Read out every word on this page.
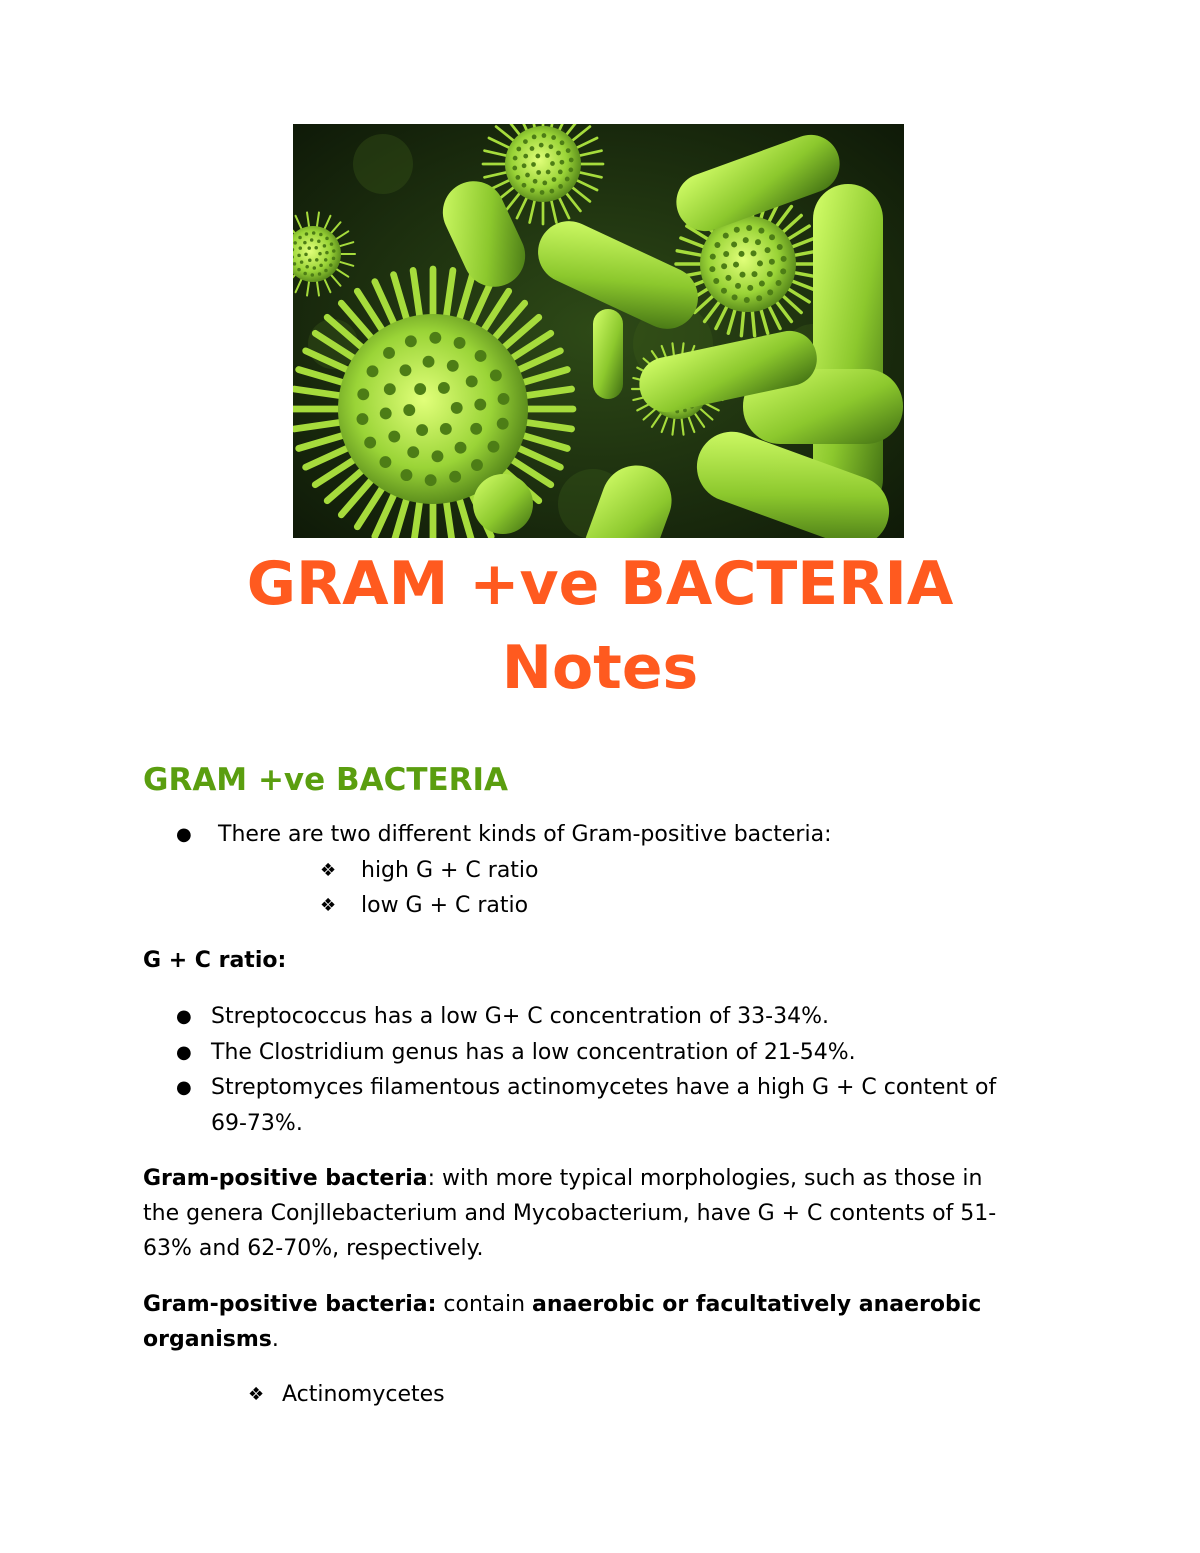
GRAM +ve BACTERIA
Notes
GRAM +ve BACTERIA
● There are two different kinds of Gram-positive bacteria:
❖ high G + C ratio
❖ low G + C ratio
G + C ratio:
● Streptococcus has a low G+ C concentration of 33-34%.
● The Clostridium genus has a low concentration of 21-54%.
● Streptomyces filamentous actinomycetes have a high G + C content of
69-73%.
Gram-positive bacteria: with more typical morphologies, such as those in
the genera Conjllebacterium and Mycobacterium, have G + C contents of 51-
63% and 62-70%, respectively.
Gram-positive bacteria: contain anaerobic or facultatively anaerobic
organisms.
❖ Actinomycetes
